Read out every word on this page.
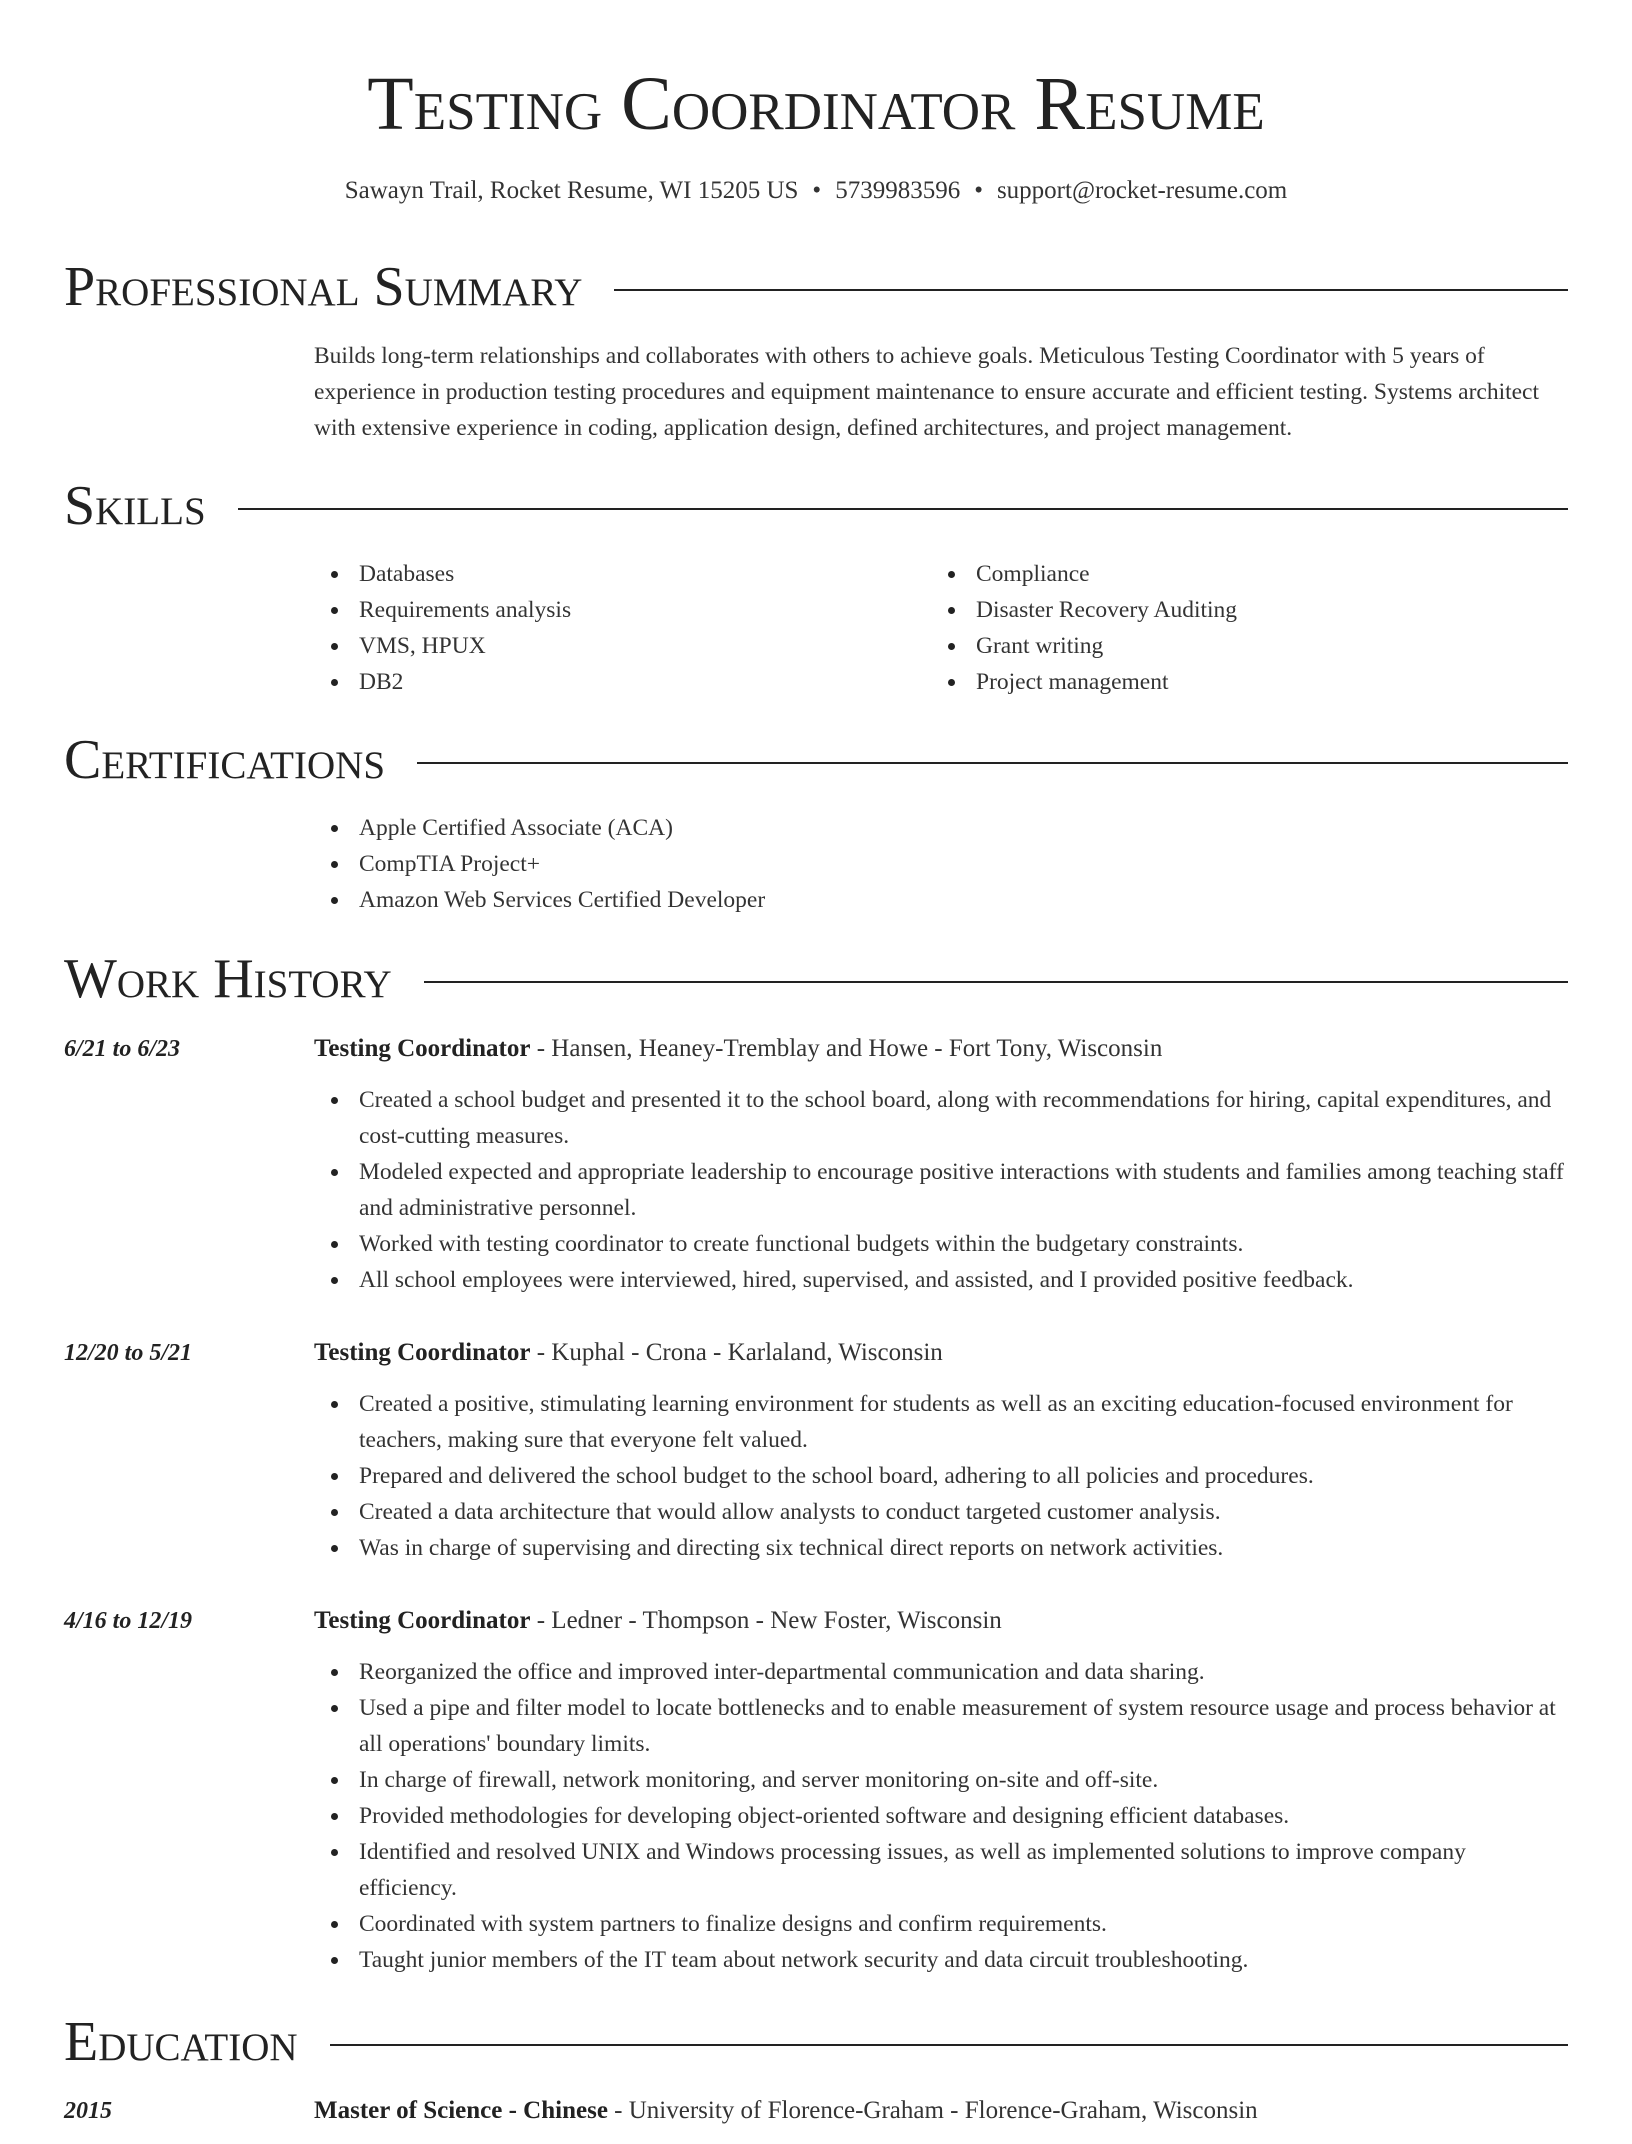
Testing Coordinator Resume
Sawayn Trail, Rocket Resume, WI 15205 US • 5739983596 • support@rocket-resume.com
Professional Summary

Builds long-term relationships and collaborates with others to achieve goals. Meticulous Testing Coordinator with 5 years of experience in production testing procedures and equipment maintenance to ensure accurate and efficient testing. Systems architect with extensive experience in coding, application design, defined architectures, and project management.

Skills
Databases
Requirements analysis
VMS, HPUX
DB2
Compliance
Disaster Recovery Auditing
Grant writing
Project management
Certifications
Apple Certified Associate (ACA)
CompTIA Project+
Amazon Web Services Certified Developer
Work History
6/21 to 6/23	Testing Coordinator - Hansen, Heaney-Tremblay and Howe - Fort Tony, Wisconsin
Created a school budget and presented it to the school board, along with recommendations for hiring, capital expenditures, and cost-cutting measures.
Modeled expected and appropriate leadership to encourage positive interactions with students and families among teaching staff and administrative personnel.
Worked with testing coordinator to create functional budgets within the budgetary constraints.
All school employees were interviewed, hired, supervised, and assisted, and I provided positive feedback.
12/20 to 5/21	Testing Coordinator - Kuphal - Crona - Karlaland, Wisconsin
Created a positive, stimulating learning environment for students as well as an exciting education-focused environment for teachers, making sure that everyone felt valued.
Prepared and delivered the school budget to the school board, adhering to all policies and procedures.
Created a data architecture that would allow analysts to conduct targeted customer analysis.
Was in charge of supervising and directing six technical direct reports on network activities.
4/16 to 12/19	Testing Coordinator - Ledner - Thompson - New Foster, Wisconsin
Reorganized the office and improved inter-departmental communication and data sharing.
Used a pipe and filter model to locate bottlenecks and to enable measurement of system resource usage and process behavior at all operations' boundary limits.
In charge of firewall, network monitoring, and server monitoring on-site and off-site.
Provided methodologies for developing object-oriented software and designing efficient databases.
Identified and resolved UNIX and Windows processing issues, as well as implemented solutions to improve company efficiency.
Coordinated with system partners to finalize designs and confirm requirements.
Taught junior members of the IT team about network security and data circuit troubleshooting.
Education
2015	Master of Science - Chinese - University of Florence-Graham - Florence-Graham, Wisconsin
